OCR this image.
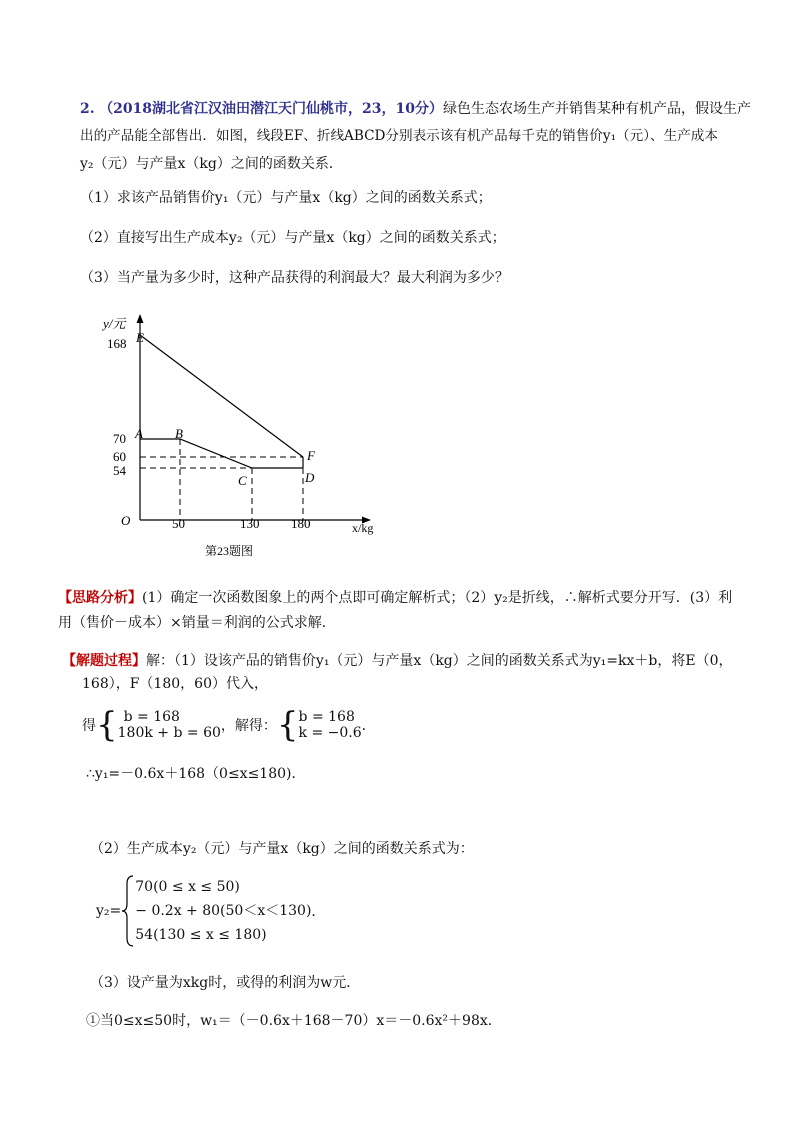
2. （2018湖北省江汉油田潜江天门仙桃市，23，10分）绿色生态农场生产并销售某种有机产品，假设生产
出的产品能全部售出．如图，线段EF、折线ABCD分别表示该有机产品每千克的销售价y₁（元）、生产成本
y₂（元）与产量x（kg）之间的函数关系．
（1）求该产品销售价y₁（元）与产量x（kg）之间的函数关系式；
（2）直接写出生产成本y₂（元）与产量x（kg）之间的函数关系式；
（3）当产量为多少时，这种产品获得的利润最大？最大利润为多少？
y/元
x/kg
O
168
70
60
54
50	130 180
E
A B
C	D
F
第23题图
【思路分析】(1）确定一次函数图象上的两个点即可确定解析式；（2）y₂是折线，∴解析式要分开写．(3）利
用（售价－成本）×销量＝利润的公式求解．
【解题过程】解：（1）设该产品的销售价y₁（元）与产量x（kg）之间的函数关系式为y₁=kx＋b，将E（0，
168），F（180，60）代入，
得 { b = 168
180k + b = 60 ，解得： { b = 168
k = −0.6 ．
∴y₁=－0.6x＋168（0≤x≤180)．
（2）生产成本y₂（元）与产量x（kg）之间的函数关系式为：
y₂=
70(0 ≤ x ≤ 50)
− 0.2x + 80(50＜x＜130)
54(130 ≤ x ≤ 180)
．
（3）设产量为xkg时，或得的利润为w元．
①当0≤x≤50时，w₁＝（－0.6x＋168－70）x＝－0.6x²＋98x．
